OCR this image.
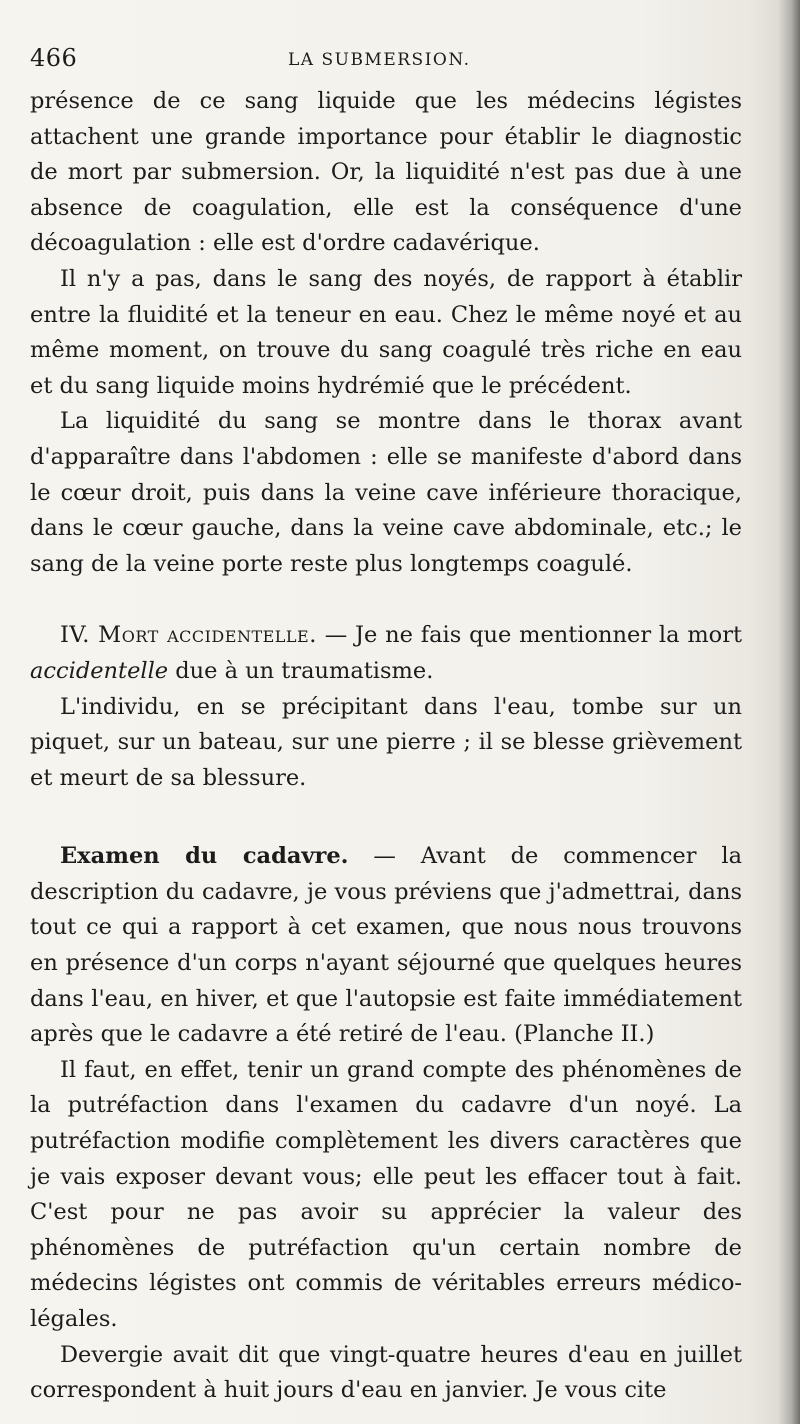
466	LA SUBMERSION.

présence de ce sang liquide que les médecins légistes attachent une grande importance pour établir le diagnostic de mort par submersion. Or, la liquidité n'est pas due à une absence de coagulation, elle est la conséquence d'une décoagulation : elle est d'ordre cadavérique.

Il n'y a pas, dans le sang des noyés, de rapport à établir entre la fluidité et la teneur en eau. Chez le même noyé et au même moment, on trouve du sang coagulé très riche en eau et du sang liquide moins hydrémié que le précédent.

La liquidité du sang se montre dans le thorax avant d'apparaître dans l'abdomen : elle se manifeste d'abord dans le cœur droit, puis dans la veine cave inférieure thoracique, dans le cœur gauche, dans la veine cave abdominale, etc.; le sang de la veine porte reste plus longtemps coagulé.

IV. Mort accidentelle. — Je ne fais que mentionner la mort accidentelle due à un traumatisme.

L'individu, en se précipitant dans l'eau, tombe sur un piquet, sur un bateau, sur une pierre ; il se blesse grièvement et meurt de sa blessure.

Examen du cadavre. — Avant de commencer la description du cadavre, je vous préviens que j'admettrai, dans tout ce qui a rapport à cet examen, que nous nous trouvons en présence d'un corps n'ayant séjourné que quelques heures dans l'eau, en hiver, et que l'autopsie est faite immédiatement après que le cadavre a été retiré de l'eau. (Planche II.)

Il faut, en effet, tenir un grand compte des phénomènes de la putréfaction dans l'examen du cadavre d'un noyé. La putréfaction modifie complètement les divers caractères que je vais exposer devant vous; elle peut les effacer tout à fait. C'est pour ne pas avoir su apprécier la valeur des phénomènes de putréfaction qu'un certain nombre de médecins légistes ont commis de véritables erreurs médico-légales.

Devergie avait dit que vingt-quatre heures d'eau en juillet correspondent à huit jours d'eau en janvier. Je vous cite
